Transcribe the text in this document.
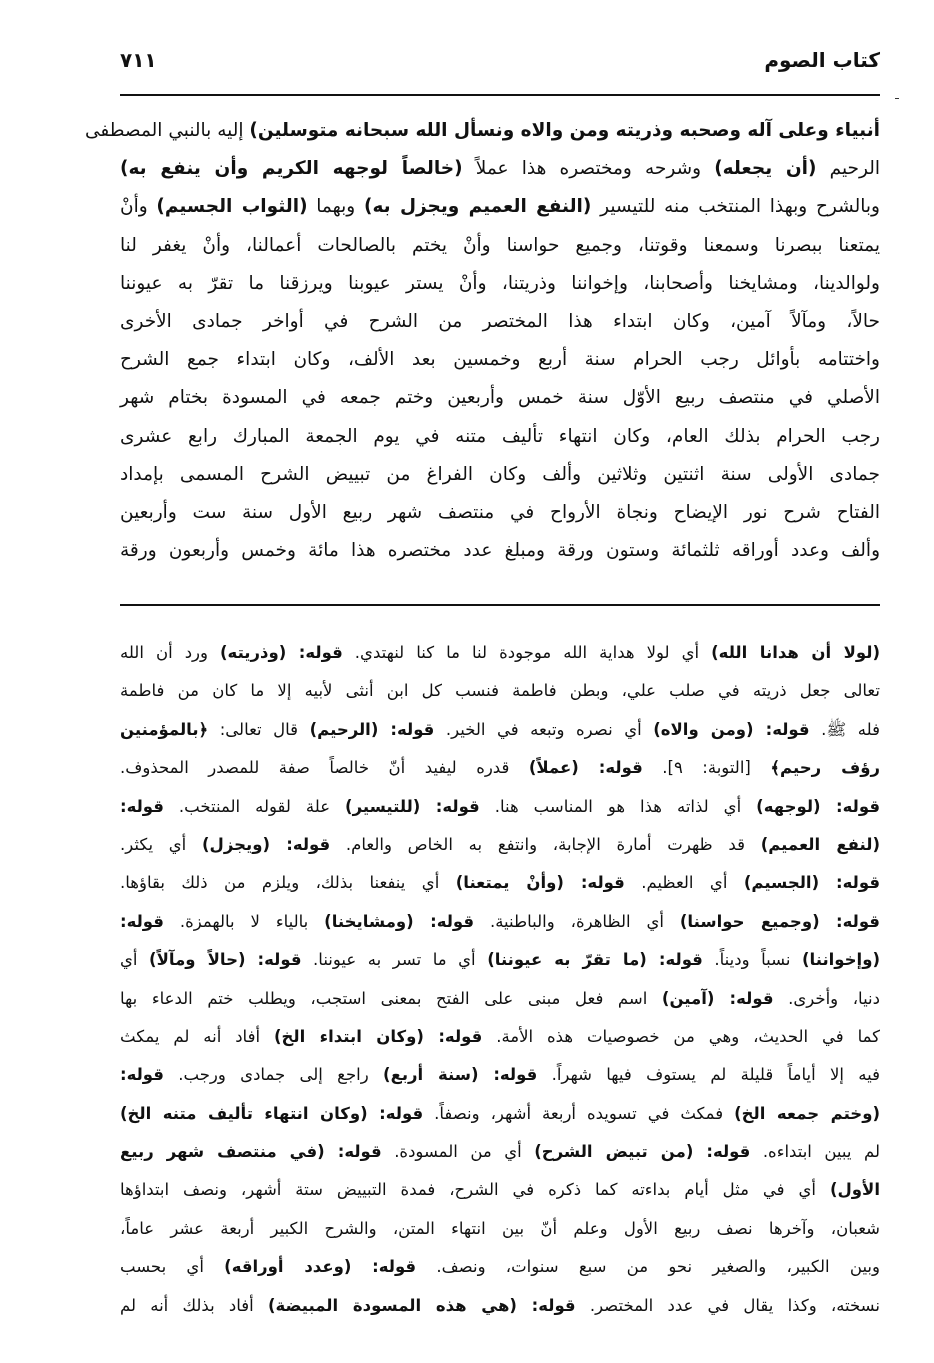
كتاب الصوم
٧١١
أنبياء وعلى آله وصحبه وذريته ومن والاه ونسأل الله سبحانه متوسلين) إليه بالنبي المصطفى
الرحيم (أن يجعله) وشرحه ومختصره هذا عملاً (خالصاً لوجهه الكريم وأن ينفع به)
وبالشرح وبهذا المنتخب منه للتيسير (النفع العميم ويجزل به) وبهما (الثواب الجسيم) وأنْ
يمتعنا ببصرنا وسمعنا وقوتنا، وجميع حواسنا وأنْ يختم بالصالحات أعمالنا، وأنْ يغفر لنا
ولوالدينا، ومشايخنا وأصحابنا، وإخواننا وذريتنا، وأنْ يستر عيوبنا ويرزقنا ما تقرّ به عيوننا
حالاً، ومآلاً آمين، وكان ابتداء هذا المختصر من الشرح في أواخر جمادى الأخرى
واختتامه بأوائل رجب الحرام سنة أربع وخمسين بعد الألف، وكان ابتداء جمع الشرح
الأصلي في منتصف ربيع الأوّل سنة خمس وأربعين وختم جمعه في المسودة بختام شهر
رجب الحرام بذلك العام، وكان انتهاء تأليف متنه في يوم الجمعة المبارك رابع عشرى
جمادى الأولى سنة اثنتين وثلاثين وألف وكان الفراغ من تبييض الشرح المسمى بإمداد
الفتاح شرح نور الإيضاح ونجاة الأرواح في منتصف شهر ربيع الأول سنة ست وأربعين
وألف وعدد أوراقه ثلثمائة وستون ورقة ومبلغ عدد مختصره هذا مائة وخمس وأربعون ورقة
(لولا أن هدانا الله) أي لولا هداية الله موجودة لنا ما كنا لنهتدي. قوله: (وذريته) ورد أن الله
تعالى جعل ذريته في صلب علي، وبطن فاطمة فنسب كل ابن أنثى لأبيه إلا ما كان من فاطمة
فله ﷺ. قوله: (ومن والاه) أي نصره وتبعه في الخير. قوله: (الرحيم) قال تعالى: ﴿بالمؤمنين
رؤف رحيم﴾ [التوبة: ٩]. قوله: (عملاً) قدره ليفيد أنّ خالصاً صفة للمصدر المحذوف.
قوله: (لوجهه) أي لذاته هذا هو المناسب هنا. قوله: (للتيسير) علة لقوله المنتخب. قوله:
(لنفع العميم) قد ظهرت أمارة الإجابة، وانتفع به الخاص والعام. قوله: (ويجزل) أي يكثر.
قوله: (الجسيم) أي العظيم. قوله: (وأنْ يمتعنا) أي ينفعنا بذلك، ويلزم من ذلك بقاؤها.
قوله: (وجميع حواسنا) أي الظاهرة، والباطنية. قوله: (ومشايخنا) بالياء لا بالهمزة. قوله:
(وإخواننا) نسباً وديناً. قوله: (ما تقرّ به عيوننا) أي ما تسر به عيوننا. قوله: (حالاً ومآلاً) أي
دنيا، وأخرى. قوله: (آمين) اسم فعل مبنى على الفتح بمعنى استجب، ويطلب ختم الدعاء بها
كما في الحديث، وهي من خصوصيات هذه الأمة. قوله: (وكان ابتداء الخ) أفاد أنه لم يمكث
فيه إلا أياماً قليلة لم يستوف فيها شهراً. قوله: (سنة أربع) راجع إلى جمادى ورجب. قوله:
(وختم جمعه الخ) فمكث في تسويده أربعة أشهر، ونصفاً. قوله: (وكان انتهاء تأليف متنه الخ)
لم يبين ابتداءه. قوله: (من تبيض الشرح) أي من المسودة. قوله: (في منتصف شهر ربيع
الأول) أي في مثل أيام بداءته كما ذكره في الشرح، فمدة التبييض ستة أشهر، ونصف ابتداؤها
شعبان، وآخرها نصف ربيع الأول وعلم أنّ بين انتهاء المتن، والشرح الكبير أربعة عشر عاماً،
وبين الكبير، والصغير نحو من سبع سنوات، ونصف. قوله: (وعدد أوراقه) أي بحسب
نسخته، وكذا يقال في عدد المختصر. قوله: (هي هذه المسودة المبيضة) أفاد بذلك أنه لم
